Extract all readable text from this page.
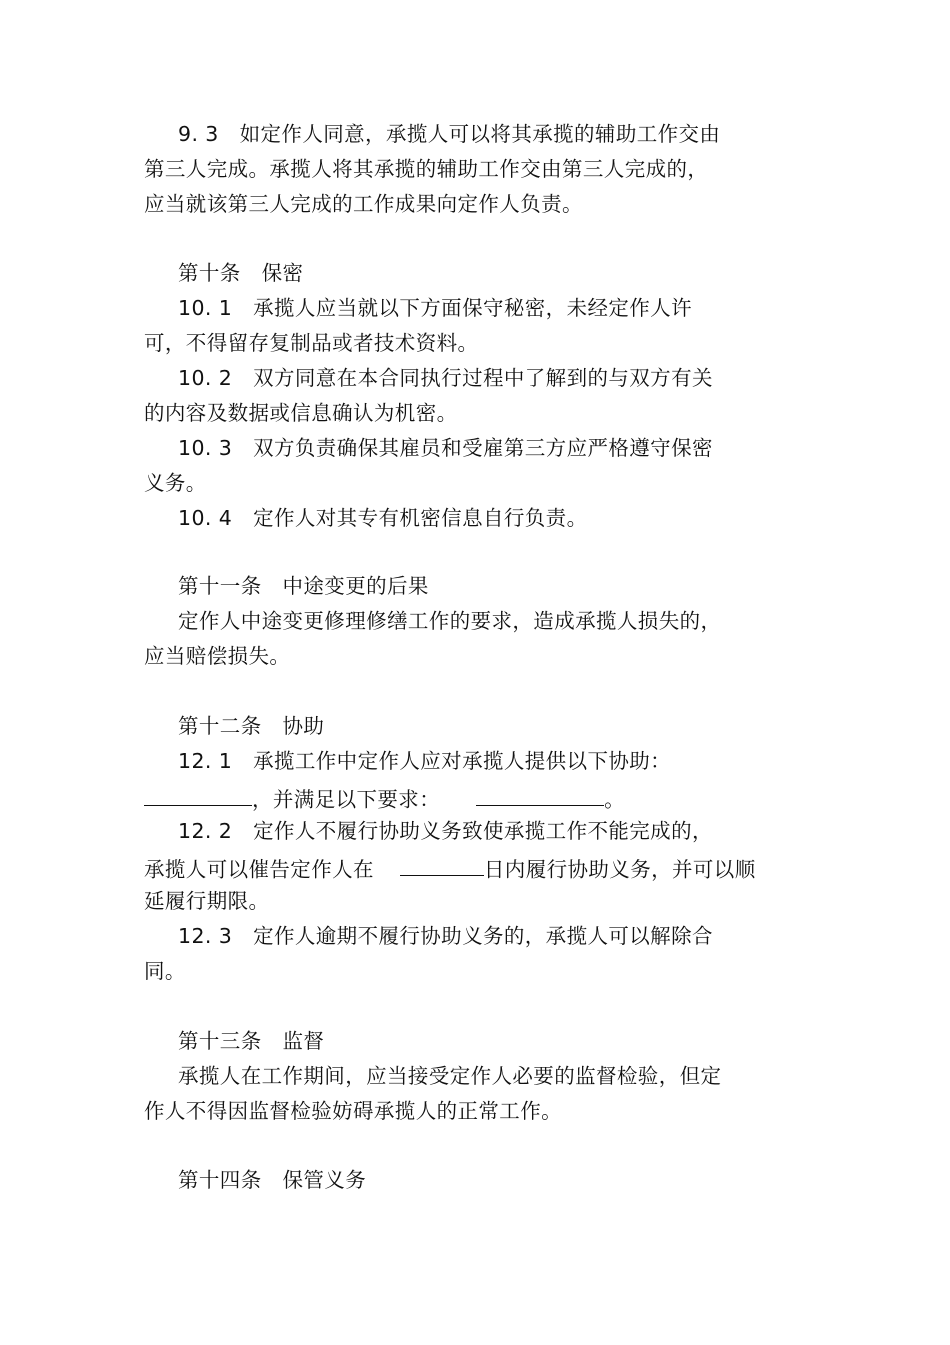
9. 3  如定作人同意，承揽人可以将其承揽的辅助工作交由
第三人完成。承揽人将其承揽的辅助工作交由第三人完成的，
应当就该第三人完成的工作成果向定作人负责。
第十条　保密
10. 1  承揽人应当就以下方面保守秘密，未经定作人许
可，不得留存复制品或者技术资料。
10. 2  双方同意在本合同执行过程中了解到的与双方有关
的内容及数据或信息确认为机密。
10. 3  双方负责确保其雇员和受雇第三方应严格遵守保密
义务。
10. 4  定作人对其专有机密信息自行负责。
第十一条　中途变更的后果
定作人中途变更修理修缮工作的要求，造成承揽人损失的，
应当赔偿损失。
第十二条　协助
12. 1  承揽工作中定作人应对承揽人提供以下协助：
，并满足以下要求：	。
12. 2  定作人不履行协助义务致使承揽工作不能完成的，
承揽人可以催告定作人在	日内履行协助义务，并可以顺
延履行期限。
12. 3  定作人逾期不履行协助义务的，承揽人可以解除合
同。
第十三条　监督
承揽人在工作期间，应当接受定作人必要的监督检验，但定
作人不得因监督检验妨碍承揽人的正常工作。
第十四条　保管义务
